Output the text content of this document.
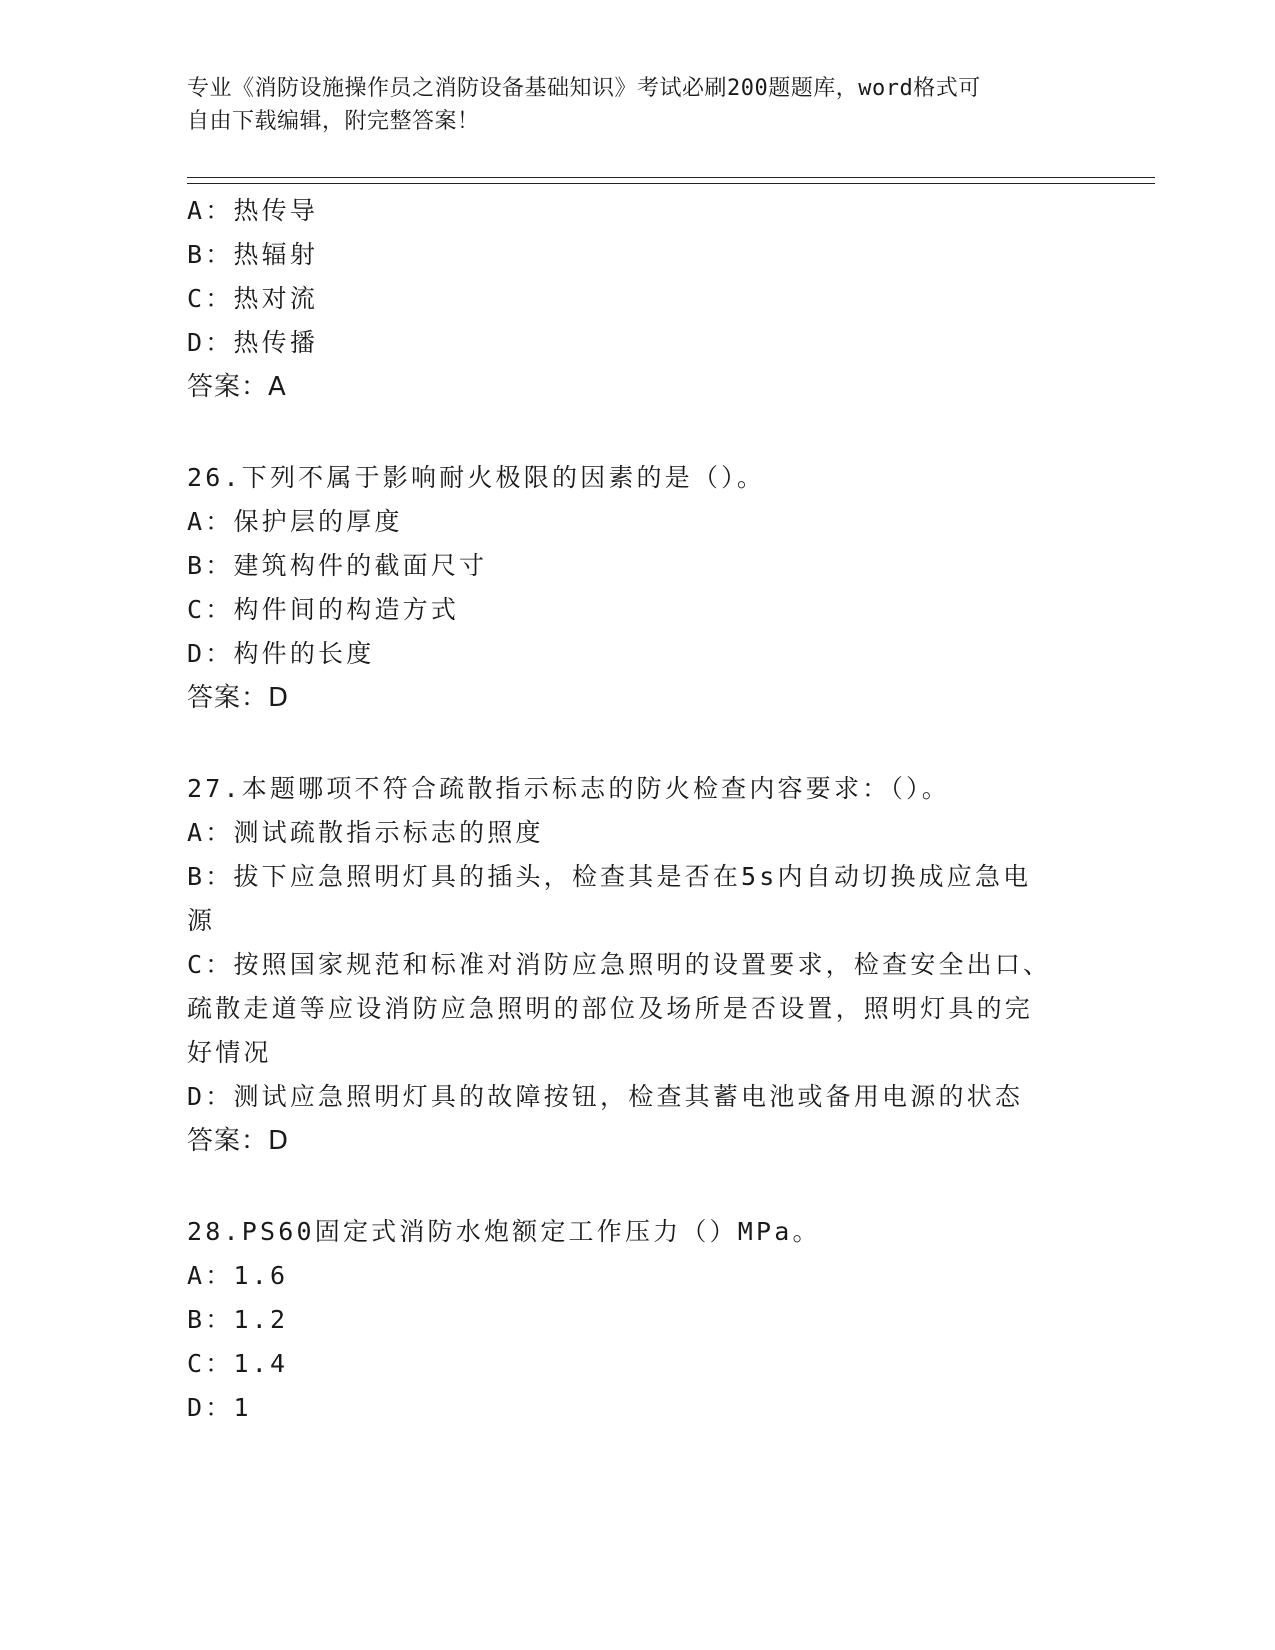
专业《消防设施操作员之消防设备基础知识》考试必刷200题题库，word格式可
自由下载编辑，附完整答案！
A：热传导
B：热辐射
C：热对流
D：热传播
答案：A
26.下列不属于影响耐火极限的因素的是（）。
A：保护层的厚度
B：建筑构件的截面尺寸
C：构件间的构造方式
D：构件的长度
答案：D
27.本题哪项不符合疏散指示标志的防火检查内容要求：（）。
A：测试疏散指示标志的照度
B：拔下应急照明灯具的插头，检查其是否在5s内自动切换成应急电
源
C：按照国家规范和标准对消防应急照明的设置要求，检查安全出口、
疏散走道等应设消防应急照明的部位及场所是否设置，照明灯具的完
好情况
D：测试应急照明灯具的故障按钮，检查其蓄电池或备用电源的状态
答案：D
28.PS60固定式消防水炮额定工作压力（）MPa。
A：1.6
B：1.2
C：1.4
D：1
